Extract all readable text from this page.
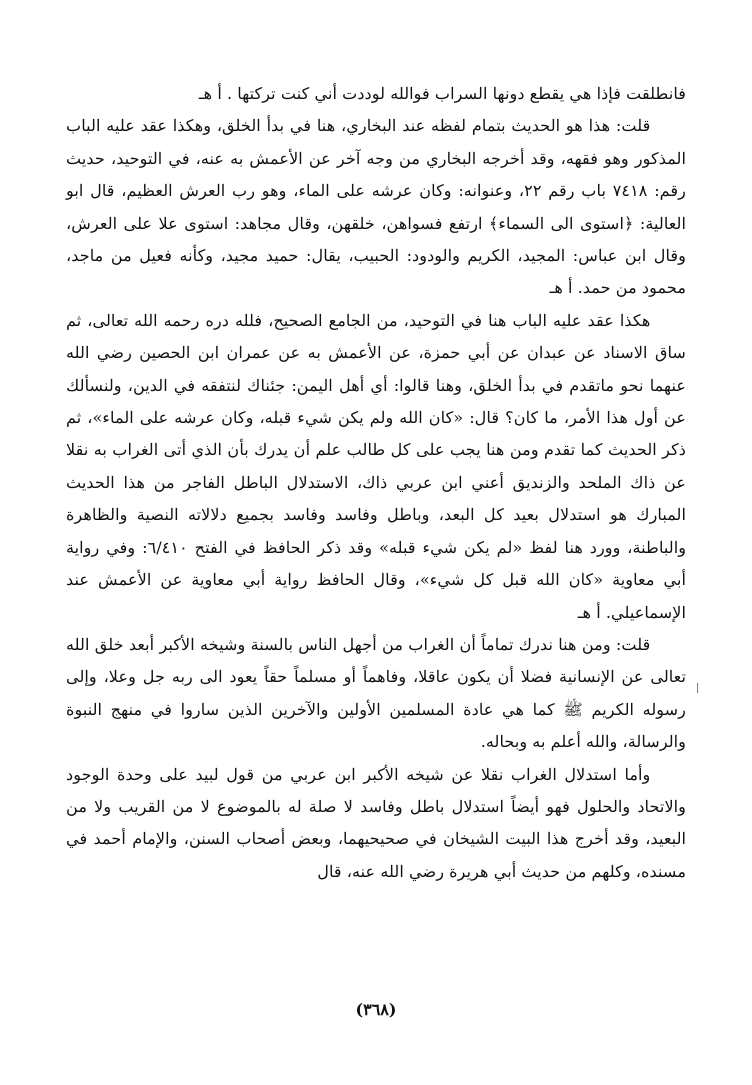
فانطلقت فإذا هي يقطع دونها السراب فوالله لوددت أني كنت تركتها . أ هـ

قلت: هذا هو الحديث بتمام لفظه عند البخاري، هنا في بدأ الخلق، وهكذا عقد عليه الباب المذكور وهو فقهه، وقد أخرجه البخاري من وجه آخر عن الأعمش به عنه، في التوحيد، حديث رقم: ٧٤١٨ باب رقم ٢٢، وعنوانه: وكان عرشه على الماء، وهو رب العرش العظيم، قال ابو العالية: ﴿استوى الى السماء﴾ ارتفع فسواهن، خلقهن، وقال مجاهد: استوى علا على العرش، وقال ابن عباس: المجيد، الكريم والودود: الحبيب، يقال: حميد مجيد، وكأنه فعيل من ماجد، محمود من حمد. أ هـ

هكذا عقد عليه الباب هنا في التوحيد، من الجامع الصحيح، فلله دره رحمه الله تعالى، ثم ساق الاسناد عن عبدان عن أبي حمزة، عن الأعمش به عن عمران ابن الحصين رضي الله عنهما نحو ماتقدم في بدأ الخلق، وهنا قالوا: أي أهل اليمن: جئناك لنتفقه في الدين، ولنسألك عن أول هذا الأمر، ما كان؟ قال: «كان الله ولم يكن شيء قبله، وكان عرشه على الماء»، ثم ذكر الحديث كما تقدم ومن هنا يجب على كل طالب علم أن يدرك بأن الذي أتى الغراب به نقلا عن ذاك الملحد والزنديق أعني ابن عربي ذاك، الاستدلال الباطل الفاجر من هذا الحديث المبارك هو استدلال بعيد كل البعد، وباطل وفاسد وفاسد بجميع دلالاته النصية والظاهرة والباطنة، وورد هنا لفظ «لم يكن شيء قبله» وقد ذكر الحافظ في الفتح ٦/٤١٠: وفي رواية أبي معاوية «كان الله قبل كل شيء»، وقال الحافظ رواية أبي معاوية عن الأعمش عند الإسماعيلي. أ هـ

قلت: ومن هنا ندرك تماماً أن الغراب من أجهل الناس بالسنة وشيخه الأكبر أبعد خلق الله تعالى عن الإنسانية فضلا أن يكون عاقلا، وفاهماً أو مسلماً حقاً يعود الى ربه جل وعلا، وإلى رسوله الكريم ﷺ كما هي عادة المسلمين الأولين والآخرين الذين ساروا في منهج النبوة والرسالة، والله أعلم به وبحاله.

وأما استدلال الغراب نقلا عن شيخه الأكبر ابن عربي من قول لبيد على وحدة الوجود والاتحاد والحلول فهو أيضاً استدلال باطل وفاسد لا صلة له بالموضوع لا من القريب ولا من البعيد، وقد أخرج هذا البيت الشيخان في صحيحيهما، وبعض أصحاب السنن، والإمام أحمد في مسنده، وكلهم من حديث أبي هريرة رضي الله عنه، قال

(٣٦٨)
